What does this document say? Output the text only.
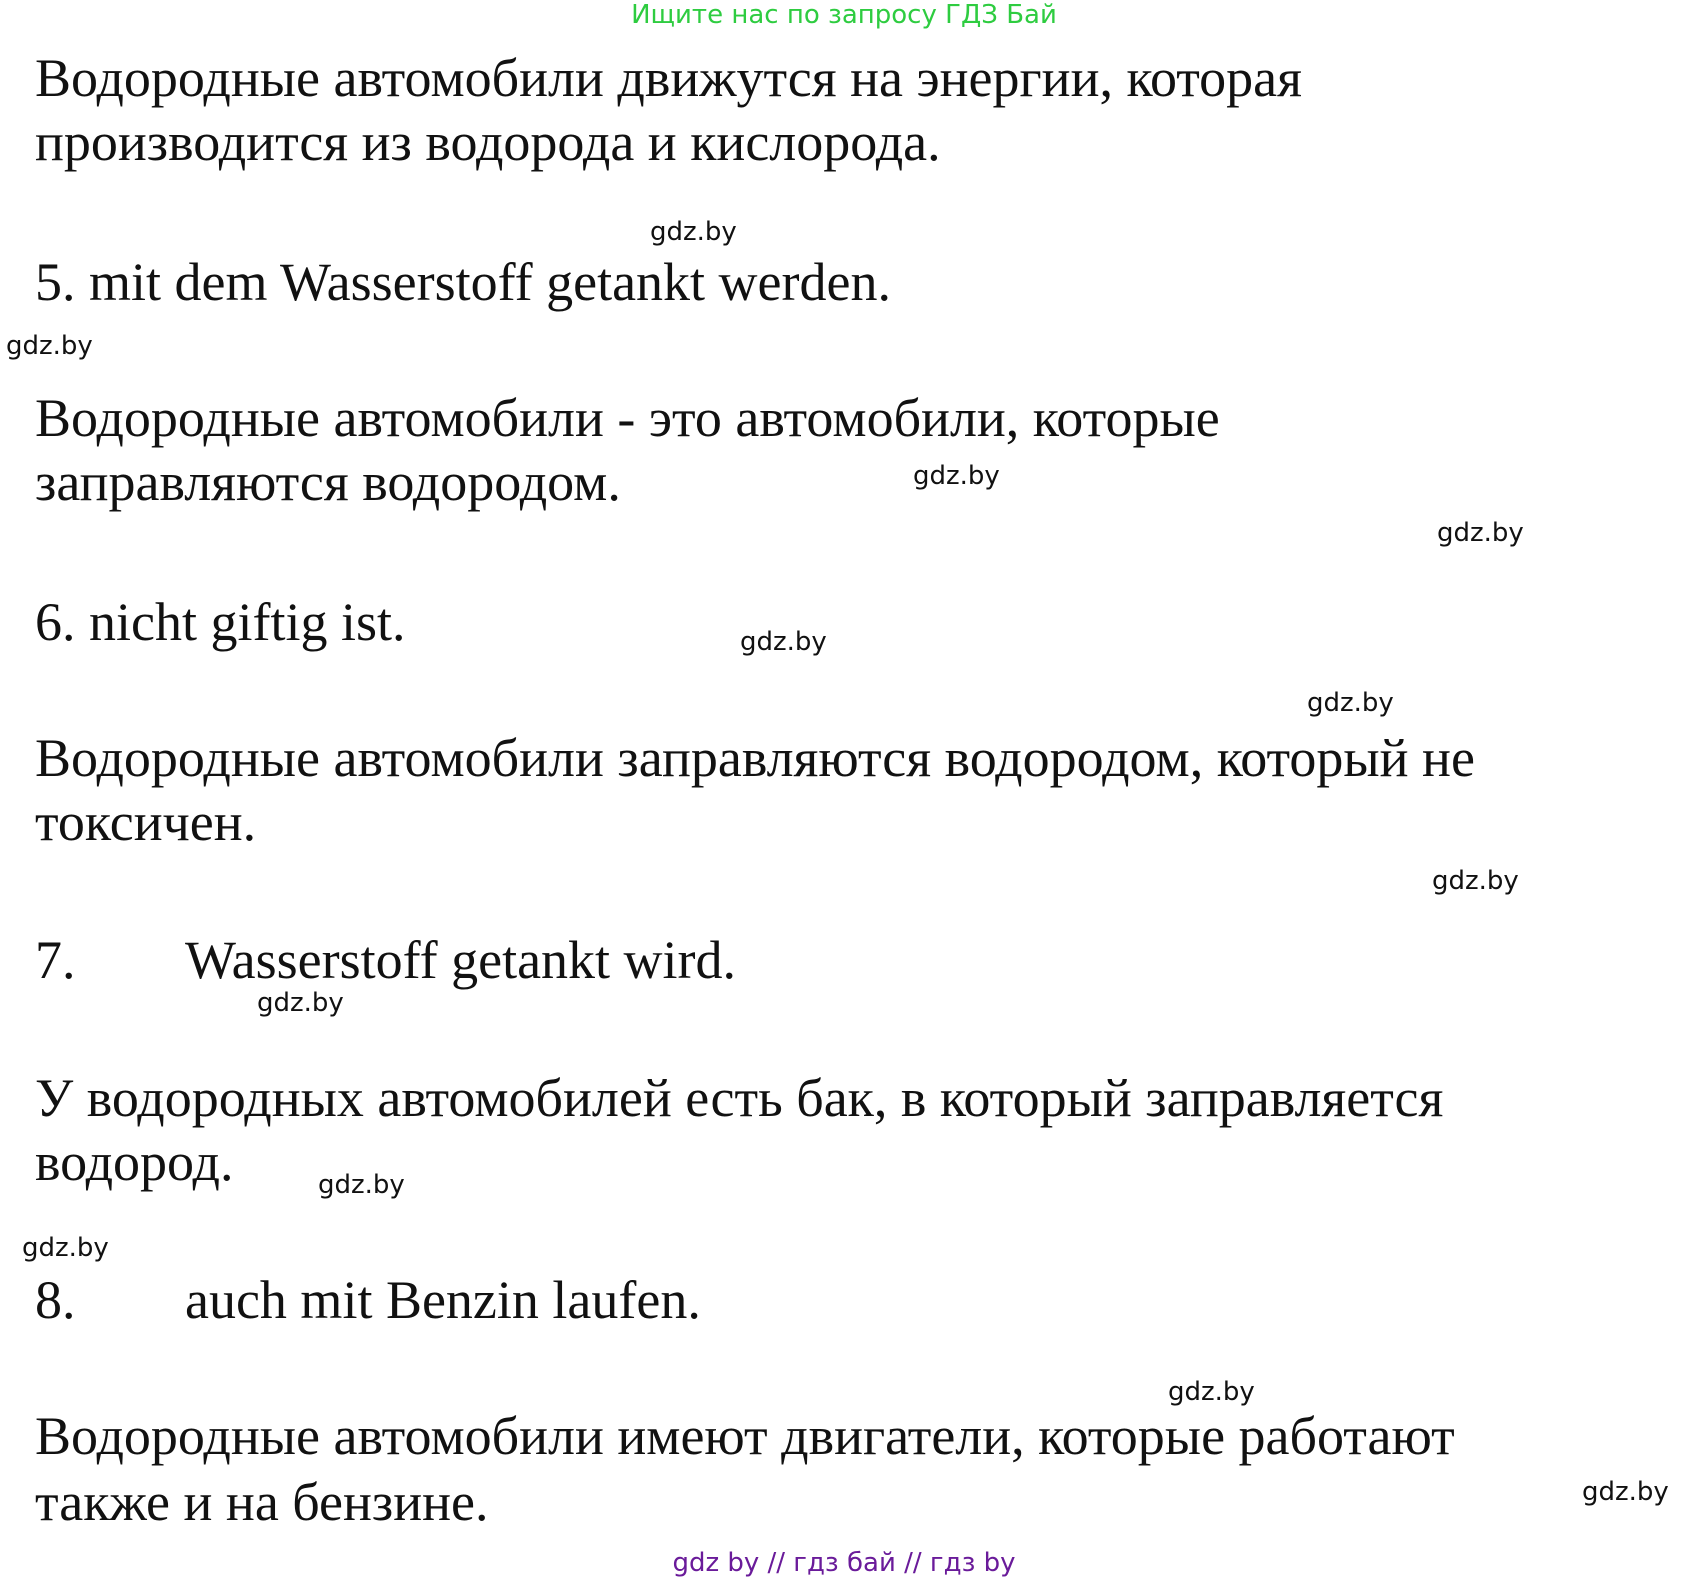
Ищите нас по запросу ГДЗ Бай
Водородные автомобили движутся на энергии, которая
производится из водорода и кислорода.
gdz.by
5. mit dem Wasserstoff getankt werden.
gdz.by
Водородные автомобили - это автомобили, которые
заправляются водородом.	gdz.by
gdz.by
6. nicht giftig ist.	gdz.by
gdz.by
Водородные автомобили заправляются водородом, который не
токсичен.
gdz.by
7. Wasserstoff getankt wird.
gdz.by
У водородных автомобилей есть бак, в который заправляется
водород.	gdz.by
gdz.by
8. auch mit Benzin laufen.
gdz.by
Водородные автомобили имеют двигатели, которые работают
gdz.by
также и на бензине.
gdz by // гдз бай // гдз by
